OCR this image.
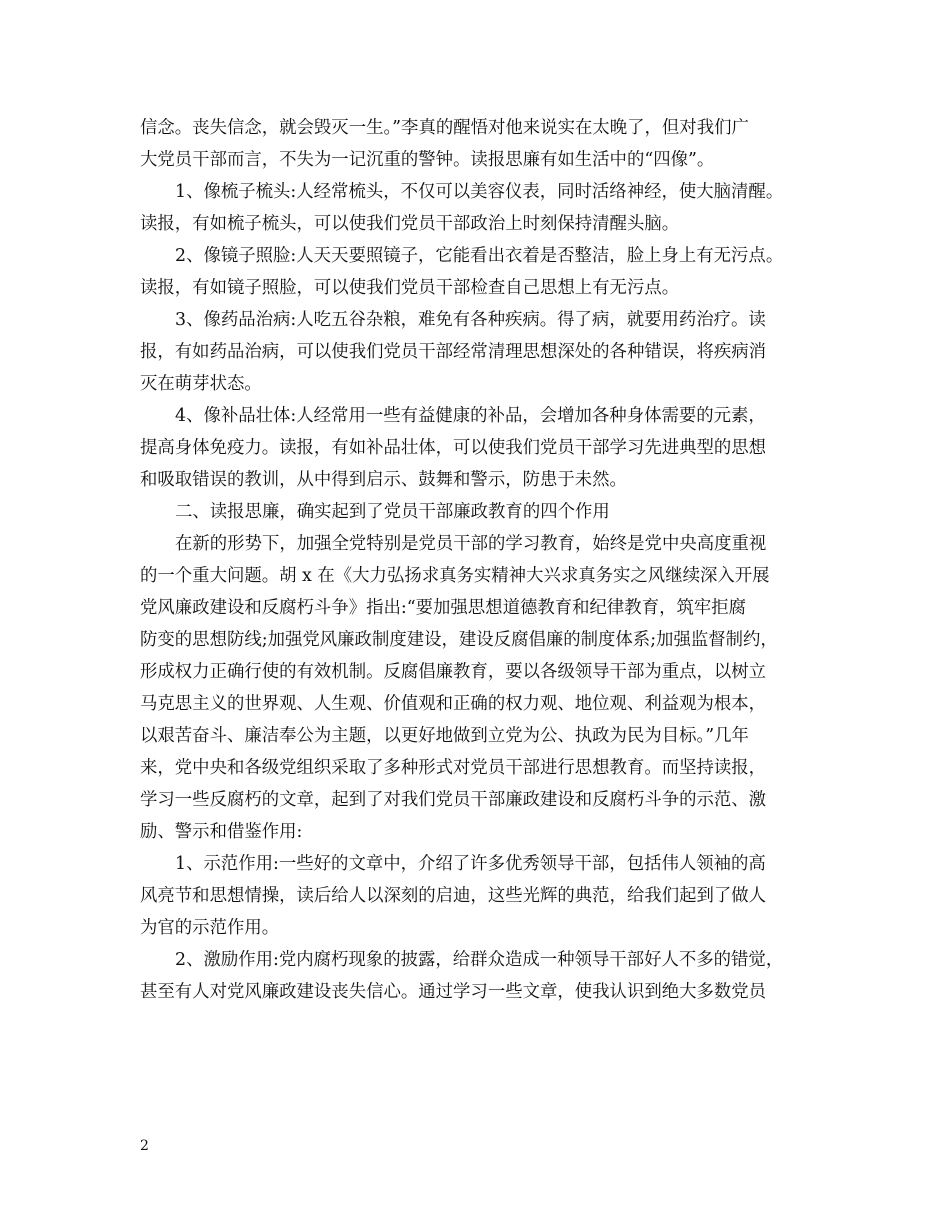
信念。丧失信念，就会毁灭一生。”李真的醒悟对他来说实在太晚了，但对我们广
大党员干部而言，不失为一记沉重的警钟。读报思廉有如生活中的“四像”。
1、像梳子梳头:人经常梳头，不仅可以美容仪表，同时活络神经，使大脑清醒。
读报，有如梳子梳头，可以使我们党员干部政治上时刻保持清醒头脑。
2、像镜子照脸:人天天要照镜子，它能看出衣着是否整洁，脸上身上有无污点。
读报，有如镜子照脸，可以使我们党员干部检查自己思想上有无污点。
3、像药品治病:人吃五谷杂粮，难免有各种疾病。得了病，就要用药治疗。读
报，有如药品治病，可以使我们党员干部经常清理思想深处的各种错误，将疾病消
灭在萌芽状态。
4、像补品壮体:人经常用一些有益健康的补品，会增加各种身体需要的元素，
提高身体免疫力。读报，有如补品壮体，可以使我们党员干部学习先进典型的思想
和吸取错误的教训，从中得到启示、鼓舞和警示，防患于未然。
二、读报思廉，确实起到了党员干部廉政教育的四个作用
在新的形势下，加强全党特别是党员干部的学习教育，始终是党中央高度重视
的一个重大问题。胡 x 在《大力弘扬求真务实精神大兴求真务实之风继续深入开展
党风廉政建设和反腐朽斗争》指出:“要加强思想道德教育和纪律教育，筑牢拒腐
防变的思想防线;加强党风廉政制度建设，建设反腐倡廉的制度体系;加强监督制约，
形成权力正确行使的有效机制。反腐倡廉教育，要以各级领导干部为重点，以树立
马克思主义的世界观、人生观、价值观和正确的权力观、地位观、利益观为根本，
以艰苦奋斗、廉洁奉公为主题，以更好地做到立党为公、执政为民为目标。”几年
来，党中央和各级党组织采取了多种形式对党员干部进行思想教育。而坚持读报，
学习一些反腐朽的文章，起到了对我们党员干部廉政建设和反腐朽斗争的示范、激
励、警示和借鉴作用:
1、示范作用:一些好的文章中，介绍了许多优秀领导干部，包括伟人领袖的高
风亮节和思想情操，读后给人以深刻的启迪，这些光辉的典范，给我们起到了做人
为官的示范作用。
2、激励作用:党内腐朽现象的披露，给群众造成一种领导干部好人不多的错觉，
甚至有人对党风廉政建设丧失信心。通过学习一些文章，使我认识到绝大多数党员
2
